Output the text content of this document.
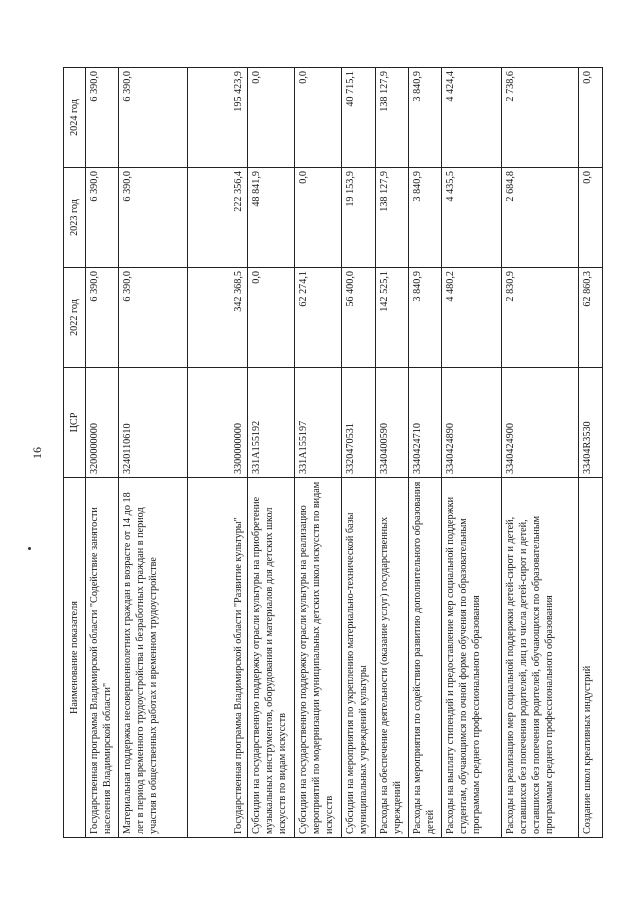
16
Наименование показателя	ЦСР	2022 год	2023 год	2024 год
Государственная программа Владимирской области "Содействие занятости населения Владимирской области"	3200000000	6 390,0	6 390,0	6 390,0
Материальная поддержка несовершеннолетних граждан в возрасте от 14 до 18 лет в период временного трудоустройства и безработных граждан в период участия в общественных работах и временном трудоустройстве	3240110610	6 390,0	6 390,0	6 390,0
Государственная программа Владимирской области "Развитие культуры"	3300000000	342 368,5	222 356,4	195 423,9
Субсидии на государственную поддержку отрасли культуры на приобретение музыкальных инструментов, оборудования и материалов для детских школ искусств по видам искусств	331A155192	0,0	48 841,9	0,0
Субсидии на государственную поддержку отрасли культуры на реализацию мероприятий по модернизации муниципальных детских школ искусств по видам искусств	331A155197	62 274,1	0,0	0,0
Субсидии на мероприятия по укреплению материально-технической базы муниципальных учреждений культуры	3320470531	56 400,0	19 153,9	40 715,1
Расходы на обеспечение деятельности (оказание услуг) государственных учреждений	3340400590	142 525,1	138 127,9	138 127,9
Расходы на мероприятия по содействию развитию дополнительного образования детей	3340424710	3 840,9	3 840,9	3 840,9
Расходы на выплату стипендий и предоставление мер социальной поддержки студентам, обучающимся по очной форме обучения по образовательным программам среднего профессионального образования	3340424890	4 480,2	4 435,5	4 424,4
Расходы на реализацию мер социальной поддержки детей-сирот и детей, оставшихся без попечения родителей, лиц из числа детей-сирот и детей, оставшихся без попечения родителей, обучающихся по образовательным программам среднего профессионального образования	3340424900	2 830,9	2 684,8	2 738,6
Создание школ креативных индустрий	33404R3530	62 860,3	0,0	0,0
